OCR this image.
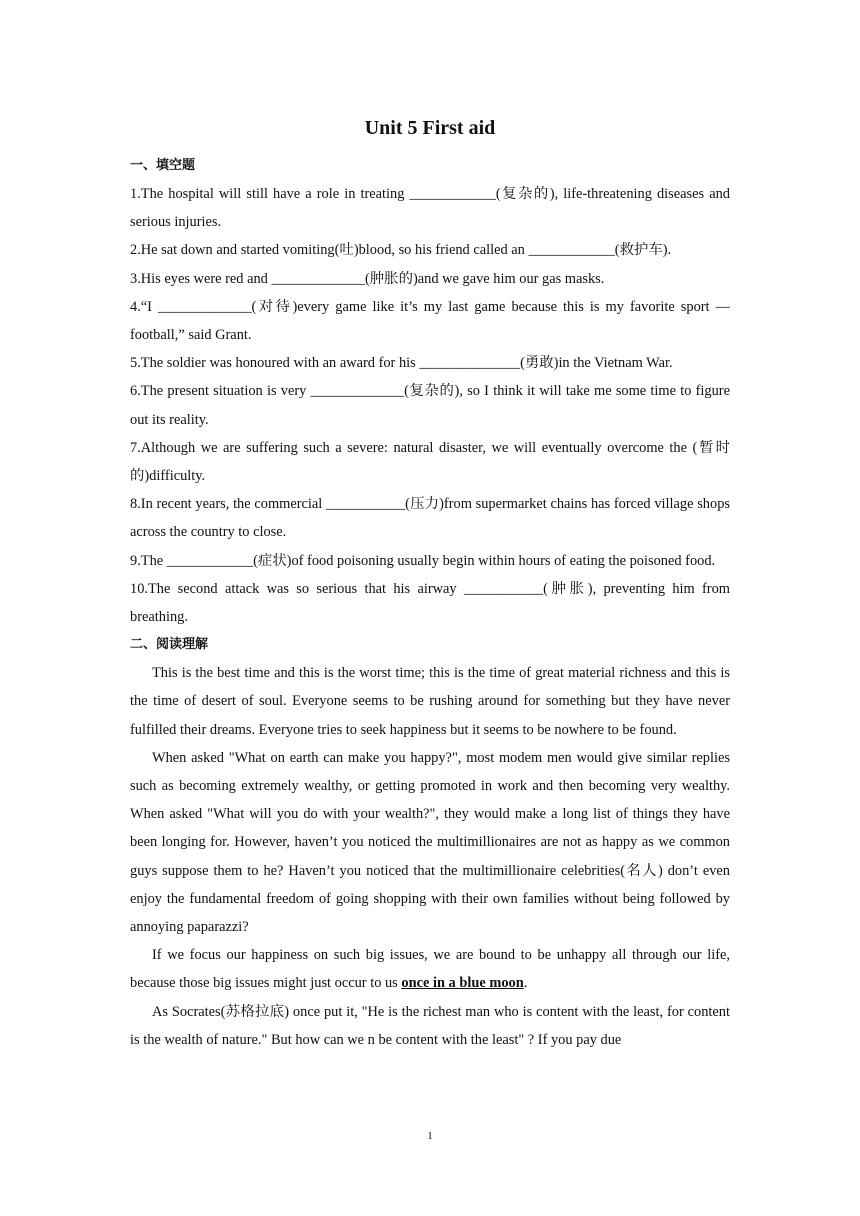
Unit 5 First aid
一、填空题

1.The hospital will still have a role in treating ____________(复杂的), life-threatening diseases and serious injuries.

2.He sat down and started vomiting(吐)blood, so his friend called an ____________(救护车).

3.His eyes were red and _____________(肿胀的)and we gave him our gas masks.

4.“I _____________(对待)every game like it’s my last game because this is my favorite sport — football,” said Grant.

5.The soldier was honoured with an award for his ______________(勇敢)in the Vietnam War.

6.The present situation is very _____________(复杂的), so I think it will take me some time to figure out its reality.

7.Although we are suffering such a severe: natural disaster, we will eventually overcome the (暂时的)difficulty.

8.In recent years, the commercial ___________(压力)from supermarket chains has forced village shops across the country to close.

9.The ____________(症状)of food poisoning usually begin within hours of eating the poisoned food.

10.The second attack was so serious that his airway ___________(肿胀), preventing him from breathing.

二、阅读理解

This is the best time and this is the worst time; this is the time of great material richness and this is the time of desert of soul. Everyone seems to be rushing around for something but they have never fulfilled their dreams. Everyone tries to seek happiness but it seems to be nowhere to be found.

When asked "What on earth can make you happy?", most modem men would give similar replies such as becoming extremely wealthy, or getting promoted in work and then becoming very wealthy. When asked "What will you do with your wealth?", they would make a long list of things they have been longing for. However, haven’t you noticed the multimillionaires are not as happy as we common guys suppose them to he? Haven’t you noticed that the multimillionaire celebrities(名人) don’t even enjoy the fundamental freedom of going shopping with their own families without being followed by annoying paparazzi?

If we focus our happiness on such big issues, we are bound to be unhappy all through our life, because those big issues might just occur to us once in a blue moon.

As Socrates(苏格拉底) once put it, "He is the richest man who is content with the least, for content is the wealth of nature." But how can we n be content with the least" ? If you pay due

1
